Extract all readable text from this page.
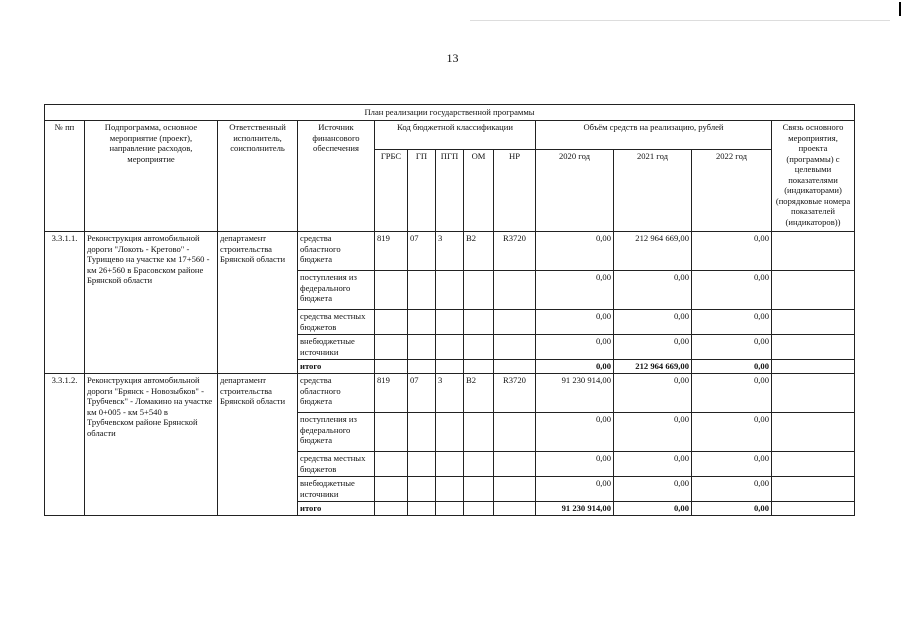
13
План реализации государственной программы												
№ пп	Подпрограмма, основное мероприятие (проект), направление расходов, мероприятие	Ответственный исполнитель, соисполнитель	Источник финансового обеспечения	Код бюджетной классификации					Объём средств на реализацию, рублей			Связь основного мероприятия, проекта (программы) с целевыми показателями (индикаторами) (порядковые номера показателей (индикаторов))
				ГРБС	ГП	ПГП	ОМ	НР	2020 год	2021 год	2022 год	
3.3.1.1.	Реконструкция автомобильной дороги "Локоть - Кретово" - Турищево на участке км 17+560 - км 26+560 в Брасовском районе Брянской области	департамент строительства Брянской области	средства областного бюджета	819	07	3	В2	R3720	0,00	212 964 669,00	0,00	
			поступления из федерального бюджета						0,00	0,00	0,00	
			средства местных бюджетов						0,00	0,00	0,00	
			внебюджетные источники						0,00	0,00	0,00	
			итого						0,00	212 964 669,00	0,00	
3.3.1.2.	Реконструкция автомобильной дороги "Брянск - Новозыбков" - Трубчевск" - Ломакино на участке км 0+005 - км 5+540 в Трубчевском районе Брянской области	департамент строительства Брянской области	средства областного бюджета	819	07	3	В2	R3720	91 230 914,00	0,00	0,00	
			поступления из федерального бюджета						0,00	0,00	0,00	
			средства местных бюджетов						0,00	0,00	0,00	
			внебюджетные источники						0,00	0,00	0,00	
			итого						91 230 914,00	0,00	0,00	
